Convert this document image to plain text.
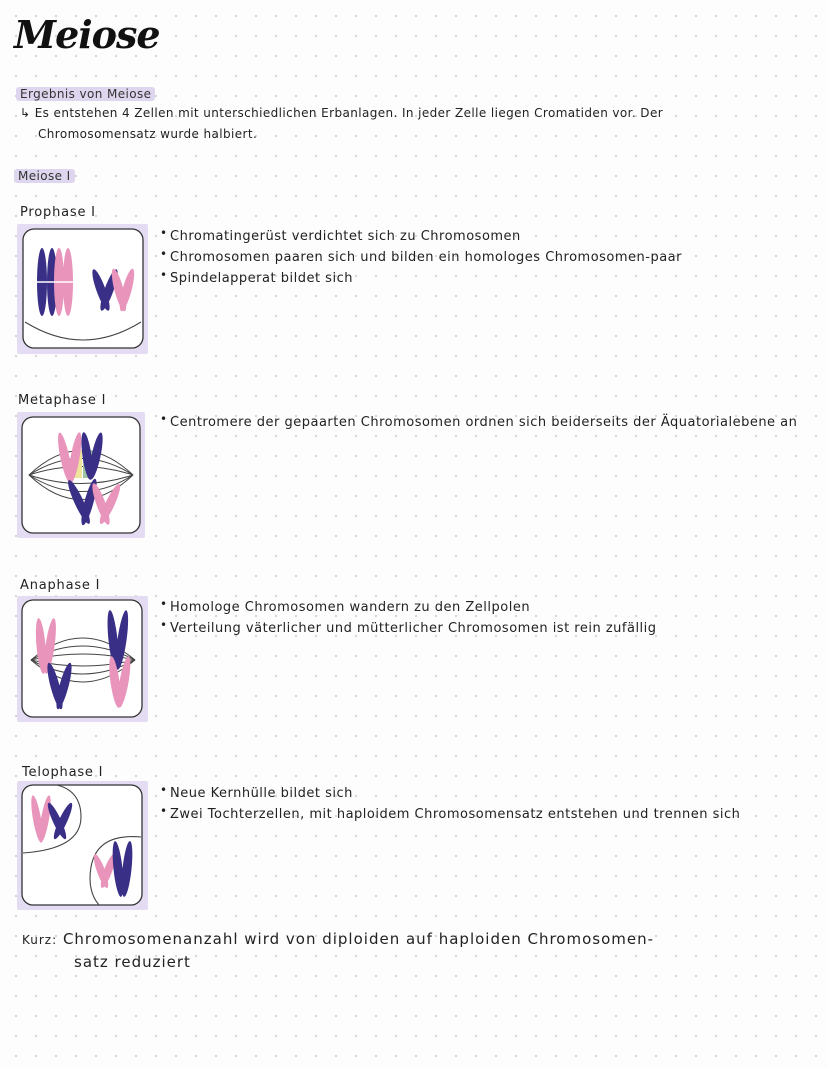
Meiose
Ergebnis von Meiose
↳ Es entstehen 4 Zellen mit unterschiedlichen Erbanlagen. In jeder Zelle liegen Cromatiden vor. Der
Chromosomensatz wurde halbiert.
Meiose I
Prophase I
• Chromatingerüst verdichtet sich zu Chromosomen
• Chromosomen paaren sich und bilden ein homologes Chromosomen-paar
• Spindelapperat bildet sich
Metaphase I
• Centromere der gepaarten Chromosomen ordnen sich beiderseits der Äquatorialebene an
Anaphase I
• Homologe Chromosomen wandern zu den Zellpolen
• Verteilung väterlicher und mütterlicher Chromosomen ist rein zufällig
Telophase I
• Neue Kernhülle bildet sich
• Zwei Tochterzellen, mit haploidem Chromosomensatz entstehen und trennen sich
Kurz: Chromosomenanzahl wird von diploiden auf haploiden Chromosomen-
satz reduziert
